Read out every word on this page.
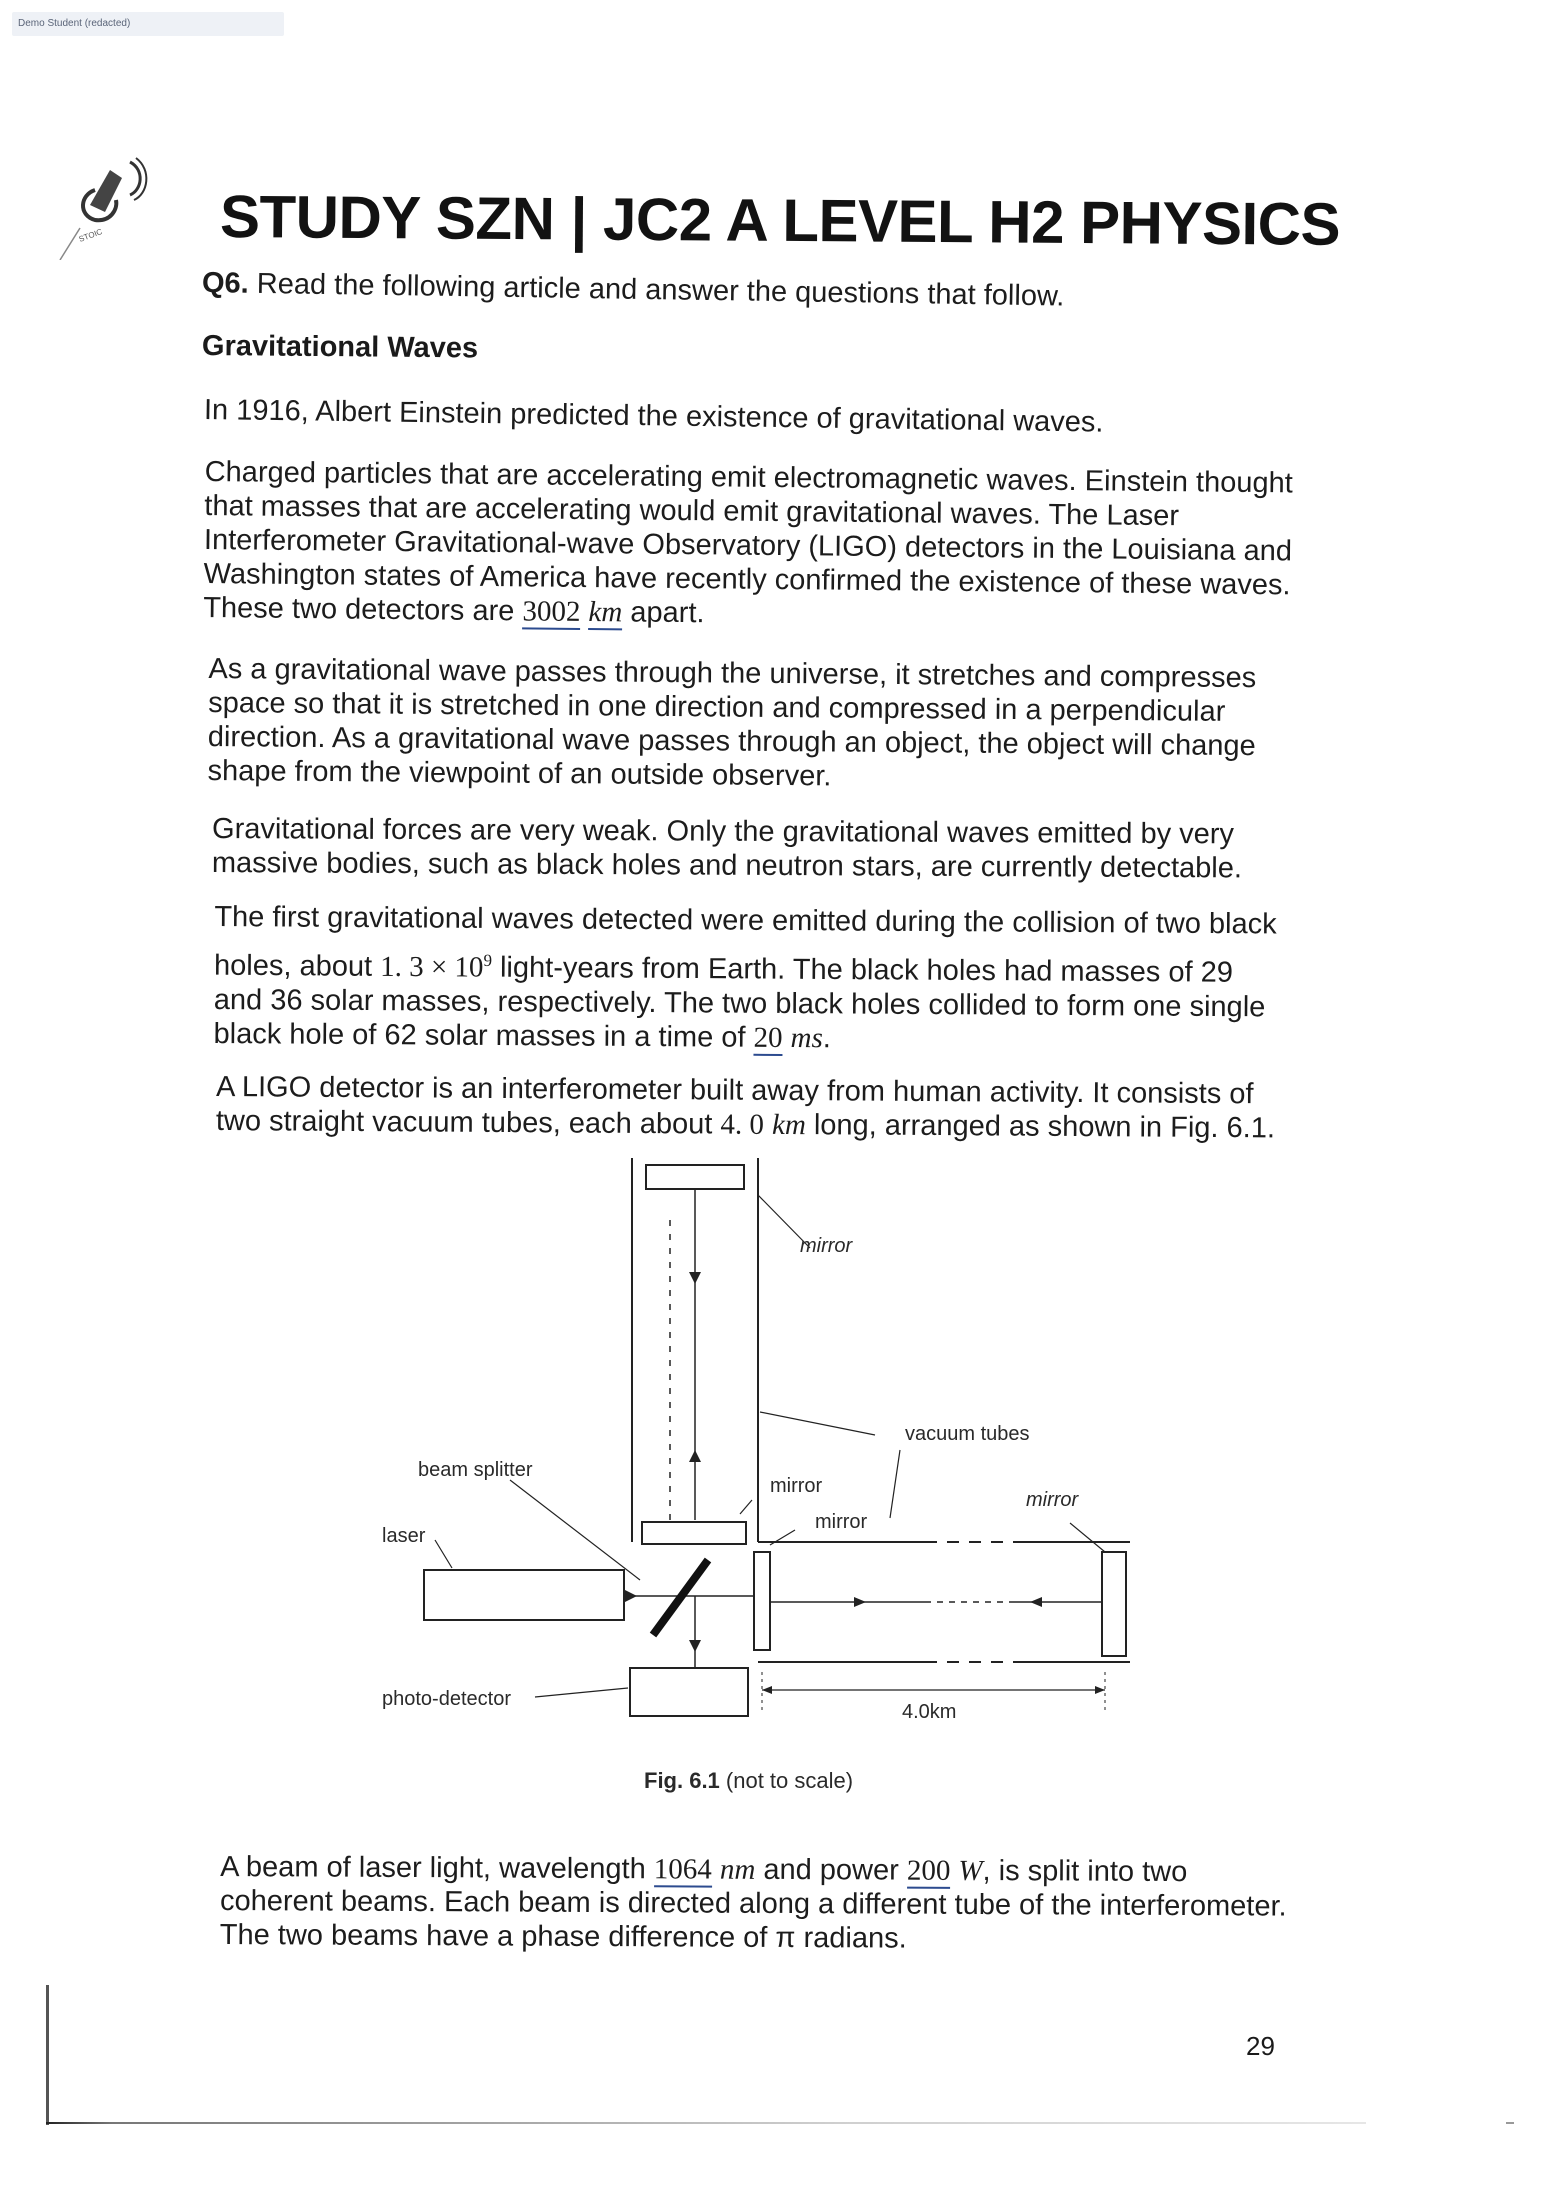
Demo Student (redacted)
STOIC STUDY SZN | JC2 A LEVEL H2 PHYSICS
Q6. Read the following article and answer the questions that follow.
Gravitational Waves
In 1916, Albert Einstein predicted the existence of gravitational waves.
Charged particles that are accelerating emit electromagnetic waves. Einstein thought
that masses that are accelerating would emit gravitational waves. The Laser
Interferometer Gravitational-wave Observatory (LIGO) detectors in the Louisiana and
Washington states of America have recently confirmed the existence of these waves.
These two detectors are 3002 km apart.
As a gravitational wave passes through the universe, it stretches and compresses
space so that it is stretched in one direction and compressed in a perpendicular
direction. As a gravitational wave passes through an object, the object will change
shape from the viewpoint of an outside observer.
Gravitational forces are very weak. Only the gravitational waves emitted by very
massive bodies, such as black holes and neutron stars, are currently detectable.
The first gravitational waves detected were emitted during the collision of two black
holes, about 1. $3 \times 10^9$ light-years from Earth. The black holes had masses of 29
and 36 solar masses, respectively. The two black holes collided to form one single
black hole of 62 solar masses in a time of 20 ms.
A LIGO detector is an interferometer built away from human activity. It consists of
two straight vacuum tubes, each about 4. 0 km long, arranged as shown in Fig. 6.1.
mirror
vacuum tubes
beam splitter
mirror
mirror
mirror
laser
photo-detector
4.0km
Fig. 6.1 (not to scale)
A beam of laser light, wavelength 1064 nm and power 200 W, is split into two
coherent beams. Each beam is directed along a different tube of the interferometer.
The two beams have a phase difference of π radians.
29
